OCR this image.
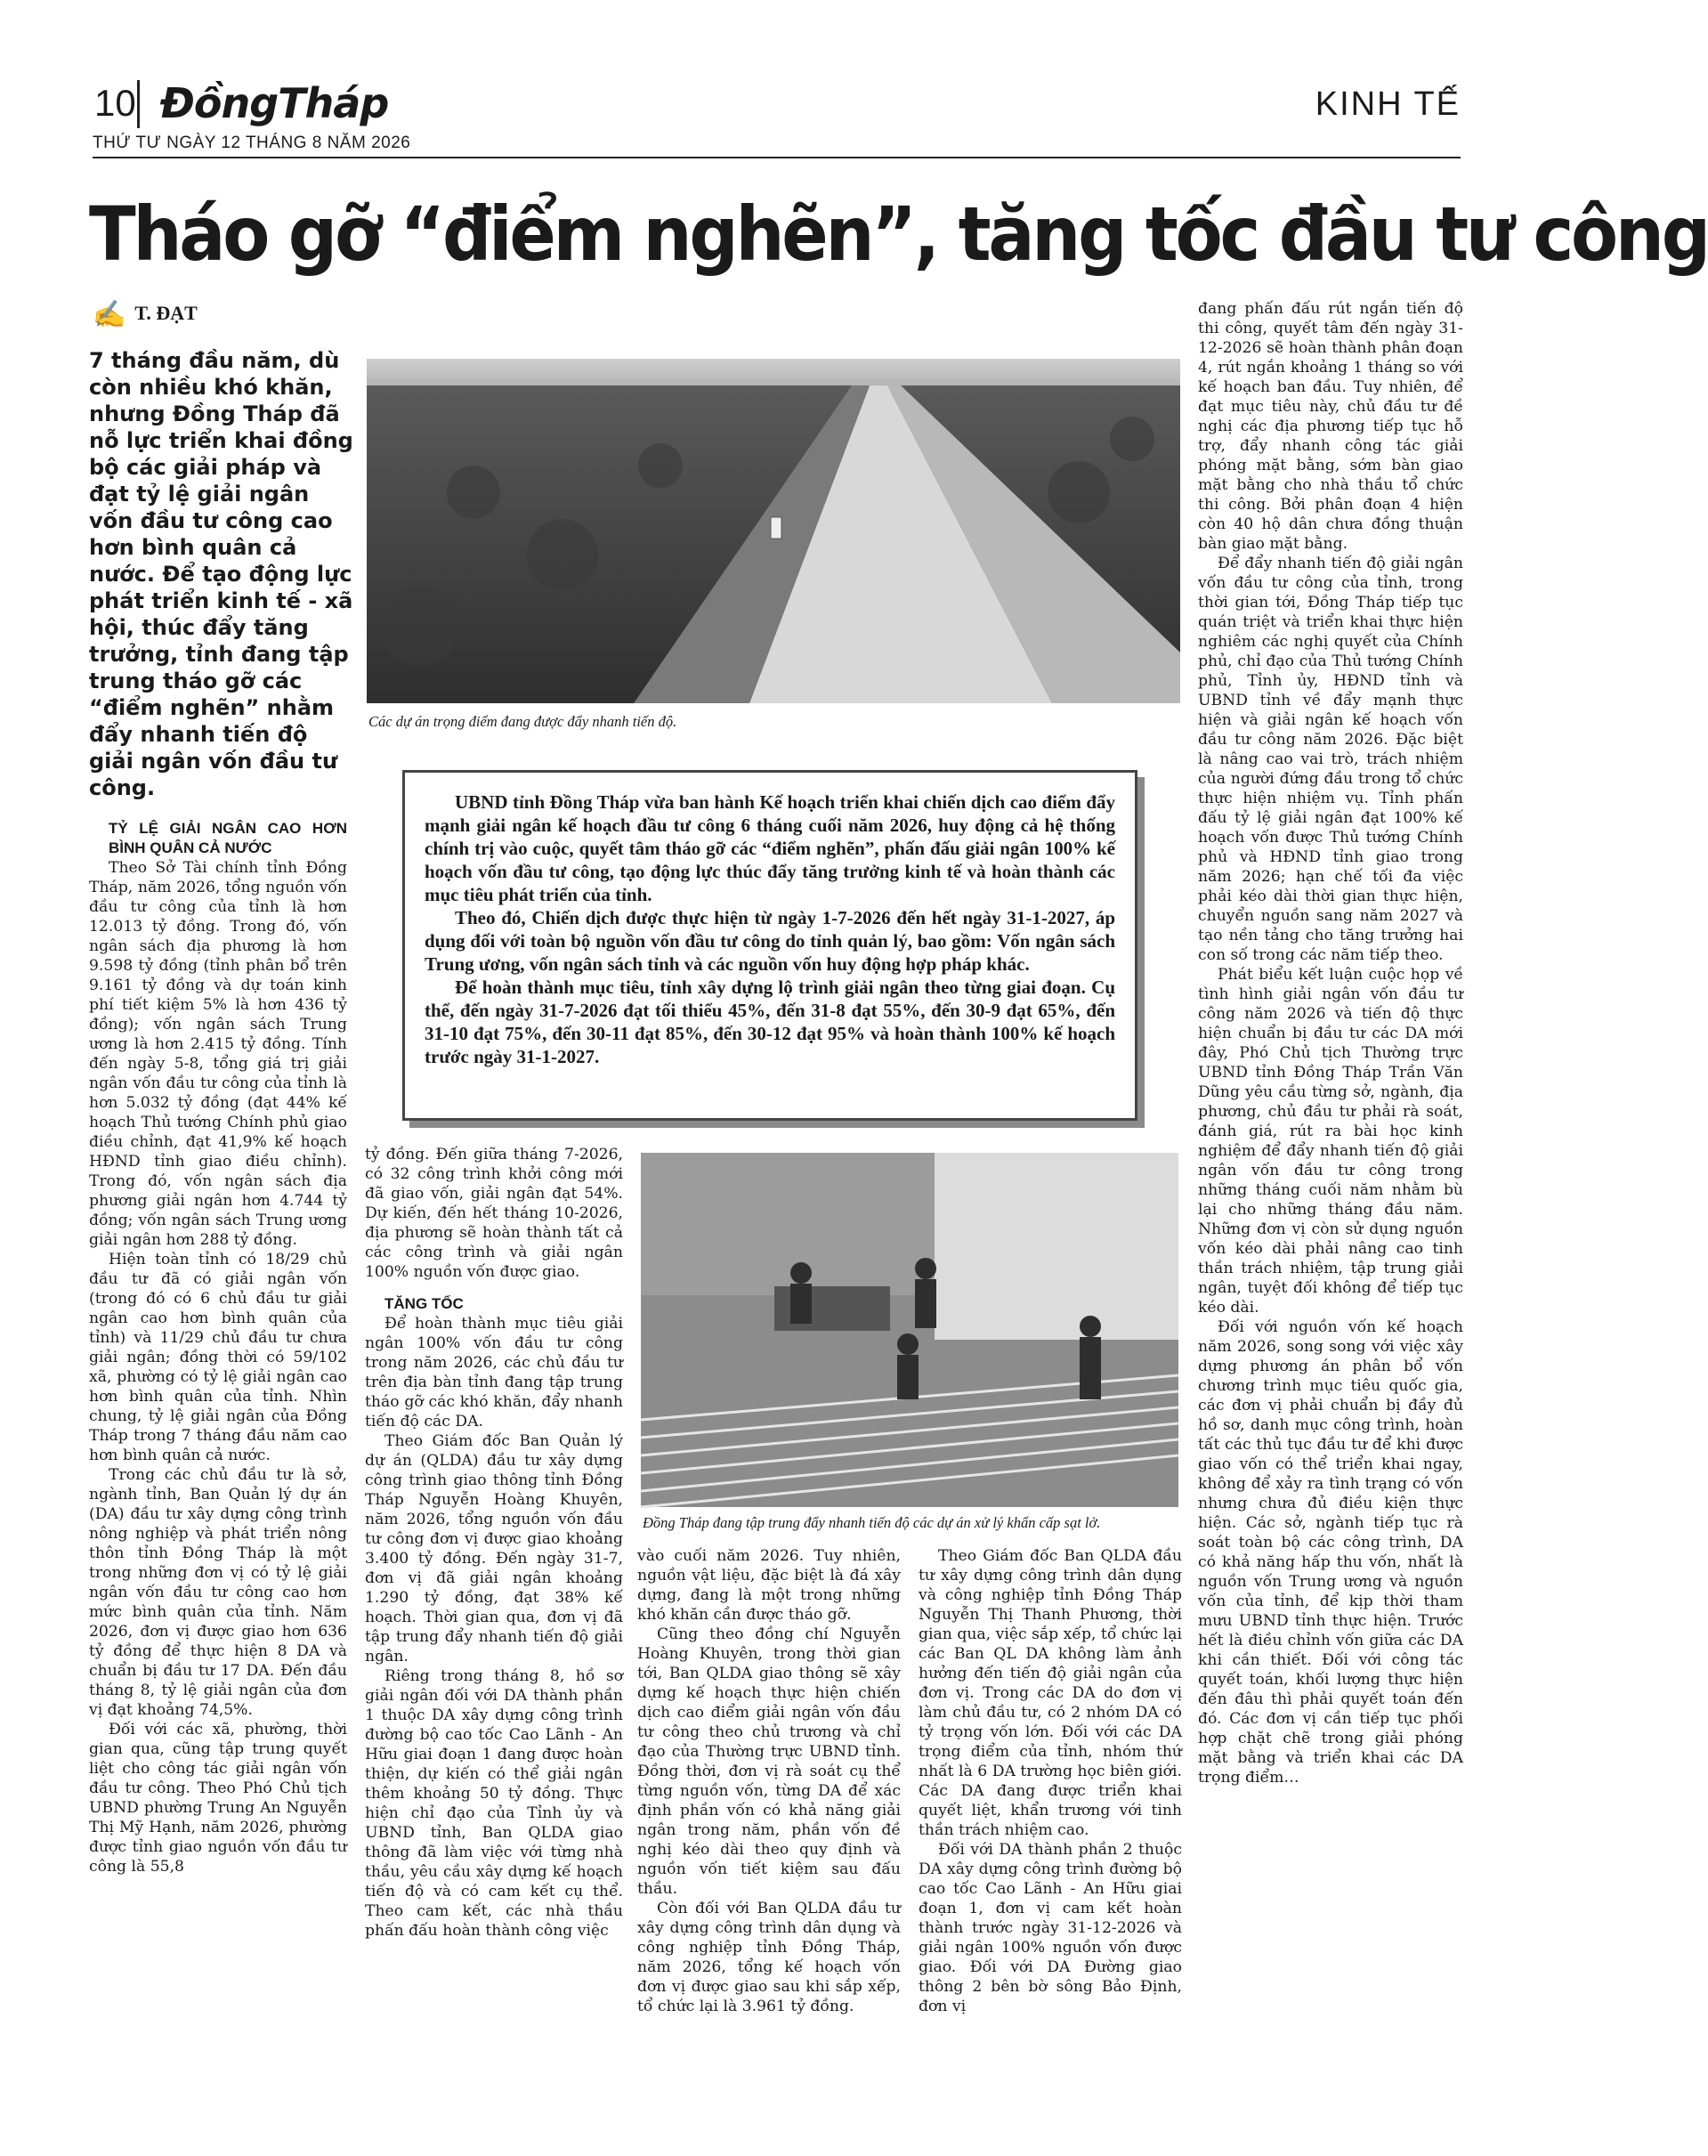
10 ĐồngTháp	KINH TẾ
THỨ TƯ NGÀY 12 THÁNG 8 NĂM 2026
Tháo gỡ “điểm nghẽn”, tăng tốc đầu tư công
✍ T. ĐẠT
7 tháng đầu năm, dù còn nhiều khó khăn, nhưng Đồng Tháp đã nỗ lực triển khai đồng bộ các giải pháp và đạt tỷ lệ giải ngân vốn đầu tư công cao hơn bình quân cả nước. Để tạo động lực phát triển kinh tế - xã hội, thúc đẩy tăng trưởng, tỉnh đang tập trung tháo gỡ các “điểm nghẽn” nhằm đẩy nhanh tiến độ giải ngân vốn đầu tư công.
Các dự án trọng điểm đang được đẩy nhanh tiến độ.

UBND tỉnh Đồng Tháp vừa ban hành Kế hoạch triển khai chiến dịch cao điểm đẩy mạnh giải ngân kế hoạch đầu tư công 6 tháng cuối năm 2026, huy động cả hệ thống chính trị vào cuộc, quyết tâm tháo gỡ các “điểm nghẽn”, phấn đấu giải ngân 100% kế hoạch vốn đầu tư công, tạo động lực thúc đẩy tăng trưởng kinh tế và hoàn thành các mục tiêu phát triển của tỉnh.

Theo đó, Chiến dịch được thực hiện từ ngày 1-7-2026 đến hết ngày 31-1-2027, áp dụng đối với toàn bộ nguồn vốn đầu tư công do tỉnh quản lý, bao gồm: Vốn ngân sách Trung ương, vốn ngân sách tỉnh và các nguồn vốn huy động hợp pháp khác.

Để hoàn thành mục tiêu, tỉnh xây dựng lộ trình giải ngân theo từng giai đoạn. Cụ thể, đến ngày 31-7-2026 đạt tối thiểu 45%, đến 31-8 đạt 55%, đến 30-9 đạt 65%, đến 31-10 đạt 75%, đến 30-11 đạt 85%, đến 30-12 đạt 95% và hoàn thành 100% kế hoạch trước ngày 31-1-2027.

TỶ LỆ GIẢI NGÂN CAO HƠN BÌNH QUÂN CẢ NƯỚC

Theo Sở Tài chính tỉnh Đồng Tháp, năm 2026, tổng nguồn vốn đầu tư công của tỉnh là hơn 12.013 tỷ đồng. Trong đó, vốn ngân sách địa phương là hơn 9.598 tỷ đồng (tỉnh phân bổ trên 9.161 tỷ đồng và dự toán kinh phí tiết kiệm 5% là hơn 436 tỷ đồng); vốn ngân sách Trung ương là hơn 2.415 tỷ đồng. Tính đến ngày 5-8, tổng giá trị giải ngân vốn đầu tư công của tỉnh là hơn 5.032 tỷ đồng (đạt 44% kế hoạch Thủ tướng Chính phủ giao điều chỉnh, đạt 41,9% kế hoạch HĐND tỉnh giao điều chỉnh). Trong đó, vốn ngân sách địa phương giải ngân hơn 4.744 tỷ đồng; vốn ngân sách Trung ương giải ngân hơn 288 tỷ đồng.

Hiện toàn tỉnh có 18/29 chủ đầu tư đã có giải ngân vốn (trong đó có 6 chủ đầu tư giải ngân cao hơn bình quân của tỉnh) và 11/29 chủ đầu tư chưa giải ngân; đồng thời có 59/102 xã, phường có tỷ lệ giải ngân cao hơn bình quân của tỉnh. Nhìn chung, tỷ lệ giải ngân của Đồng Tháp trong 7 tháng đầu năm cao hơn bình quân cả nước.

Trong các chủ đầu tư là sở, ngành tỉnh, Ban Quản lý dự án (DA) đầu tư xây dựng công trình nông nghiệp và phát triển nông thôn tỉnh Đồng Tháp là một trong những đơn vị có tỷ lệ giải ngân vốn đầu tư công cao hơn mức bình quân của tỉnh. Năm 2026, đơn vị được giao hơn 636 tỷ đồng để thực hiện 8 DA và chuẩn bị đầu tư 17 DA. Đến đầu tháng 8, tỷ lệ giải ngân của đơn vị đạt khoảng 74,5%.

Đối với các xã, phường, thời gian qua, cũng tập trung quyết liệt cho công tác giải ngân vốn đầu tư công. Theo Phó Chủ tịch UBND phường Trung An Nguyễn Thị Mỹ Hạnh, năm 2026, phường được tỉnh giao nguồn vốn đầu tư công là 55,8

tỷ đồng. Đến giữa tháng 7-2026, có 32 công trình khởi công mới đã giao vốn, giải ngân đạt 54%. Dự kiến, đến hết tháng 10-2026, địa phương sẽ hoàn thành tất cả các công trình và giải ngân 100% nguồn vốn được giao.

TĂNG TỐC

Để hoàn thành mục tiêu giải ngân 100% vốn đầu tư công trong năm 2026, các chủ đầu tư trên địa bàn tỉnh đang tập trung tháo gỡ các khó khăn, đẩy nhanh tiến độ các DA.

Theo Giám đốc Ban Quản lý dự án (QLDA) đầu tư xây dựng công trình giao thông tỉnh Đồng Tháp Nguyễn Hoàng Khuyên, năm 2026, tổng nguồn vốn đầu tư công đơn vị được giao khoảng 3.400 tỷ đồng. Đến ngày 31-7, đơn vị đã giải ngân khoảng 1.290 tỷ đồng, đạt 38% kế hoạch. Thời gian qua, đơn vị đã tập trung đẩy nhanh tiến độ giải ngân.

Riêng trong tháng 8, hồ sơ giải ngân đối với DA thành phần 1 thuộc DA xây dựng công trình đường bộ cao tốc Cao Lãnh - An Hữu giai đoạn 1 đang được hoàn thiện, dự kiến có thể giải ngân thêm khoảng 50 tỷ đồng. Thực hiện chỉ đạo của Tỉnh ủy và UBND tỉnh, Ban QLDA giao thông đã làm việc với từng nhà thầu, yêu cầu xây dựng kế hoạch tiến độ và có cam kết cụ thể. Theo cam kết, các nhà thầu phấn đấu hoàn thành công việc

Đồng Tháp đang tập trung đẩy nhanh tiến độ các dự án xử lý khẩn cấp sạt lở.

vào cuối năm 2026. Tuy nhiên, nguồn vật liệu, đặc biệt là đá xây dựng, đang là một trong những khó khăn cần được tháo gỡ.

Cũng theo đồng chí Nguyễn Hoàng Khuyên, trong thời gian tới, Ban QLDA giao thông sẽ xây dựng kế hoạch thực hiện chiến dịch cao điểm giải ngân vốn đầu tư công theo chủ trương và chỉ đạo của Thường trực UBND tỉnh. Đồng thời, đơn vị rà soát cụ thể từng nguồn vốn, từng DA để xác định phần vốn có khả năng giải ngân trong năm, phần vốn đề nghị kéo dài theo quy định và nguồn vốn tiết kiệm sau đấu thầu.

Còn đối với Ban QLDA đầu tư xây dựng công trình dân dụng và công nghiệp tỉnh Đồng Tháp, năm 2026, tổng kế hoạch vốn đơn vị được giao sau khi sắp xếp, tổ chức lại là 3.961 tỷ đồng.

Theo Giám đốc Ban QLDA đầu tư xây dựng công trình dân dụng và công nghiệp tỉnh Đồng Tháp Nguyễn Thị Thanh Phương, thời gian qua, việc sắp xếp, tổ chức lại các Ban QL DA không làm ảnh hưởng đến tiến độ giải ngân của đơn vị. Trong các DA do đơn vị làm chủ đầu tư, có 2 nhóm DA có tỷ trọng vốn lớn. Đối với các DA trọng điểm của tỉnh, nhóm thứ nhất là 6 DA trường học biên giới. Các DA đang được triển khai quyết liệt, khẩn trương với tinh thần trách nhiệm cao.

Đối với DA thành phần 2 thuộc DA xây dựng công trình đường bộ cao tốc Cao Lãnh - An Hữu giai đoạn 1, đơn vị cam kết hoàn thành trước ngày 31-12-2026 và giải ngân 100% nguồn vốn được giao. Đối với DA Đường giao thông 2 bên bờ sông Bảo Định, đơn vị

đang phấn đấu rút ngắn tiến độ thi công, quyết tâm đến ngày 31-12-2026 sẽ hoàn thành phân đoạn 4, rút ngắn khoảng 1 tháng so với kế hoạch ban đầu. Tuy nhiên, để đạt mục tiêu này, chủ đầu tư đề nghị các địa phương tiếp tục hỗ trợ, đẩy nhanh công tác giải phóng mặt bằng, sớm bàn giao mặt bằng cho nhà thầu tổ chức thi công. Bởi phân đoạn 4 hiện còn 40 hộ dân chưa đồng thuận bàn giao mặt bằng.

Để đẩy nhanh tiến độ giải ngân vốn đầu tư công của tỉnh, trong thời gian tới, Đồng Tháp tiếp tục quán triệt và triển khai thực hiện nghiêm các nghị quyết của Chính phủ, chỉ đạo của Thủ tướng Chính phủ, Tỉnh ủy, HĐND tỉnh và UBND tỉnh về đẩy mạnh thực hiện và giải ngân kế hoạch vốn đầu tư công năm 2026. Đặc biệt là nâng cao vai trò, trách nhiệm của người đứng đầu trong tổ chức thực hiện nhiệm vụ. Tỉnh phấn đấu tỷ lệ giải ngân đạt 100% kế hoạch vốn được Thủ tướng Chính phủ và HĐND tỉnh giao trong năm 2026; hạn chế tối đa việc phải kéo dài thời gian thực hiện, chuyển nguồn sang năm 2027 và tạo nền tảng cho tăng trưởng hai con số trong các năm tiếp theo.

Phát biểu kết luận cuộc họp về tình hình giải ngân vốn đầu tư công năm 2026 và tiến độ thực hiện chuẩn bị đầu tư các DA mới đây, Phó Chủ tịch Thường trực UBND tỉnh Đồng Tháp Trần Văn Dũng yêu cầu từng sở, ngành, địa phương, chủ đầu tư phải rà soát, đánh giá, rút ra bài học kinh nghiệm để đẩy nhanh tiến độ giải ngân vốn đầu tư công trong những tháng cuối năm nhằm bù lại cho những tháng đầu năm. Những đơn vị còn sử dụng nguồn vốn kéo dài phải nâng cao tinh thần trách nhiệm, tập trung giải ngân, tuyệt đối không để tiếp tục kéo dài.

Đối với nguồn vốn kế hoạch năm 2026, song song với việc xây dựng phương án phân bổ vốn chương trình mục tiêu quốc gia, các đơn vị phải chuẩn bị đầy đủ hồ sơ, danh mục công trình, hoàn tất các thủ tục đầu tư để khi được giao vốn có thể triển khai ngay, không để xảy ra tình trạng có vốn nhưng chưa đủ điều kiện thực hiện. Các sở, ngành tiếp tục rà soát toàn bộ các công trình, DA có khả năng hấp thu vốn, nhất là nguồn vốn Trung ương và nguồn vốn của tỉnh, để kịp thời tham mưu UBND tỉnh thực hiện. Trước hết là điều chỉnh vốn giữa các DA khi cần thiết. Đối với công tác quyết toán, khối lượng thực hiện đến đâu thì phải quyết toán đến đó. Các đơn vị cần tiếp tục phối hợp chặt chẽ trong giải phóng mặt bằng và triển khai các DA trọng điểm…
